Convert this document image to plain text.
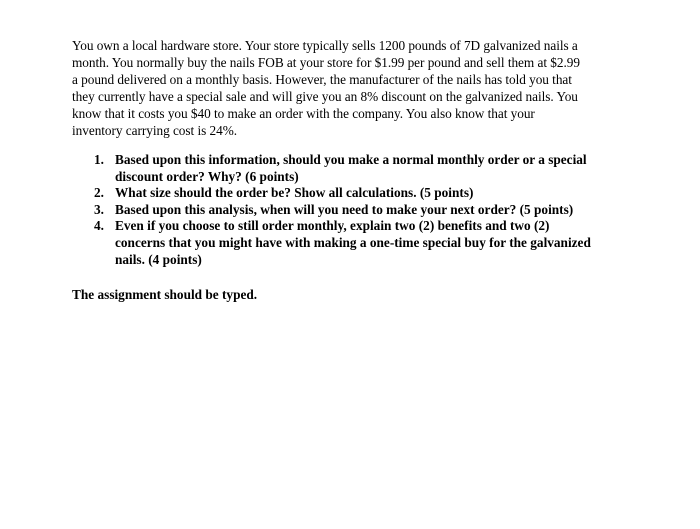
You own a local hardware store. Your store typically sells 1200 pounds of 7D galvanized nails a
month. You normally buy the nails FOB at your store for $1.99 per pound and sell them at $2.99
a pound delivered on a monthly basis. However, the manufacturer of the nails has told you that
they currently have a special sale and will give you an 8% discount on the galvanized nails. You
know that it costs you $40 to make an order with the company. You also know that your
inventory carrying cost is 24%.

1. Based upon this information, should you make a normal monthly order or a special
discount order? Why? (6 points)
2. What size should the order be? Show all calculations. (5 points)
3. Based upon this analysis, when will you need to make your next order? (5 points)
4. Even if you choose to still order monthly, explain two (2) benefits and two (2)
concerns that you might have with making a one-time special buy for the galvanized
nails. (4 points)

The assignment should be typed.
